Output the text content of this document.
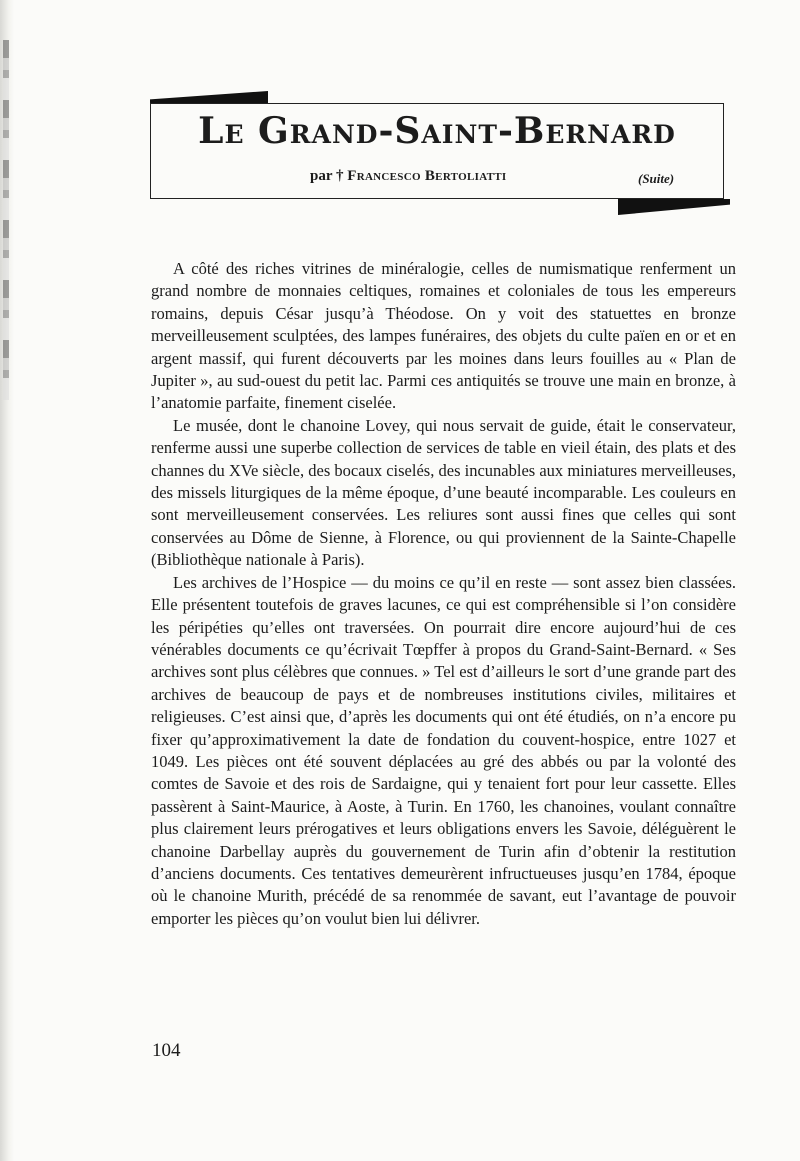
Le Grand-Saint-Bernard
par † Francesco Bertoliatti	(Suite)

A côté des riches vitrines de minéralogie, celles de numismatique renferment un grand nombre de monnaies celtiques, romaines et coloniales de tous les empereurs romains, depuis César jusqu’à Théodose. On y voit des statuettes en bronze merveilleusement sculptées, des lampes funéraires, des objets du culte païen en or et en argent massif, qui furent découverts par les moines dans leurs fouilles au « Plan de Jupiter », au sud-ouest du petit lac. Parmi ces antiquités se trouve une main en bronze, à l’anatomie parfaite, finement ciselée.

Le musée, dont le chanoine Lovey, qui nous servait de guide, était le conservateur, renferme aussi une superbe collection de services de table en vieil étain, des plats et des channes du XVe siècle, des bocaux ciselés, des incunables aux miniatures merveilleuses, des missels liturgiques de la même époque, d’une beauté incomparable. Les couleurs en sont merveilleusement conservées. Les reliures sont aussi fines que celles qui sont conservées au Dôme de Sienne, à Florence, ou qui proviennent de la Sainte-Chapelle (Bibliothèque nationale à Paris).

Les archives de l’Hospice — du moins ce qu’il en reste — sont assez bien classées. Elle présentent toutefois de graves lacunes, ce qui est compréhensible si l’on considère les péripéties qu’elles ont traversées. On pourrait dire encore aujourd’hui de ces vénérables documents ce qu’écrivait Tœpffer à propos du Grand-Saint-Bernard. « Ses archives sont plus célèbres que connues. » Tel est d’ailleurs le sort d’une grande part des archives de beaucoup de pays et de nombreuses institutions civiles, militaires et religieuses. C’est ainsi que, d’après les documents qui ont été étudiés, on n’a encore pu fixer qu’approximativement la date de fondation du couvent-hospice, entre 1027 et 1049. Les pièces ont été souvent déplacées au gré des abbés ou par la volonté des comtes de Savoie et des rois de Sardaigne, qui y tenaient fort pour leur cassette. Elles passèrent à Saint-Maurice, à Aoste, à Turin. En 1760, les chanoines, voulant connaître plus clairement leurs prérogatives et leurs obligations envers les Savoie, déléguèrent le chanoine Darbellay auprès du gouvernement de Turin afin d’obtenir la restitution d’anciens documents. Ces tentatives demeurèrent infructueuses jusqu’en 1784, époque où le chanoine Murith, précédé de sa renommée de savant, eut l’avantage de pouvoir emporter les pièces qu’on voulut bien lui délivrer.

104
